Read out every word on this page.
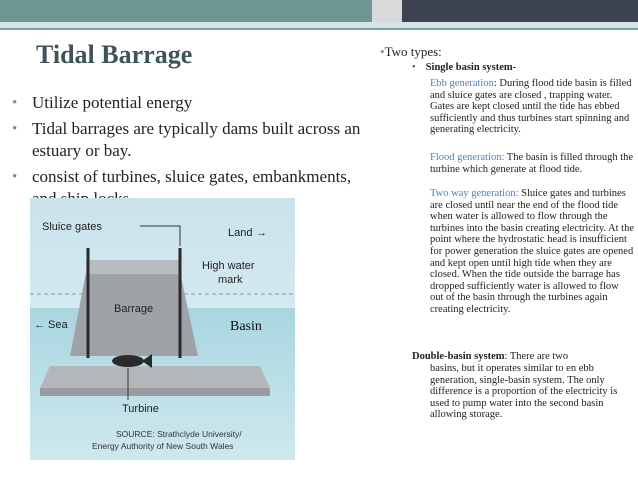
Tidal Barrage
• Utilize potential energy
• Tidal barrages are typically dams built across an estuary or bay.
• consist of turbines, sluice gates, embankments,
Sluice gates	Land →
High water
mark
Barrage
← Sea
Turbine
SOURCE: Strathclyde University/
Energy Authority of New South Wales
Basin
•Two types:
• Single basin system-
Ebb generation: During flood tide basin is filled and sluice gates are closed , trapping water. Gates are kept closed until the tide has ebbed sufficiently and thus turbines start spinning and generating electricity.
Flood generation: The basin is filled through the turbine which generate at flood tide.
Two way generation: Sluice gates and turbines are closed until near the end of the flood tide when water is allowed to flow through the turbines into the basin creating electricity. At the point where the hydrostatic head is insufficient for power generation the sluice gates are opened and kept open until high tide when they are closed. When the tide outside the barrage has dropped sufficiently water is allowed to flow out of the basin through the turbines again creating electricity.
Double-basin system: There are two
basins, but it operates similar to en ebb generation, single-basin system. The only difference is a proportion of the electricity is used to pump water into the second basin allowing storage.
